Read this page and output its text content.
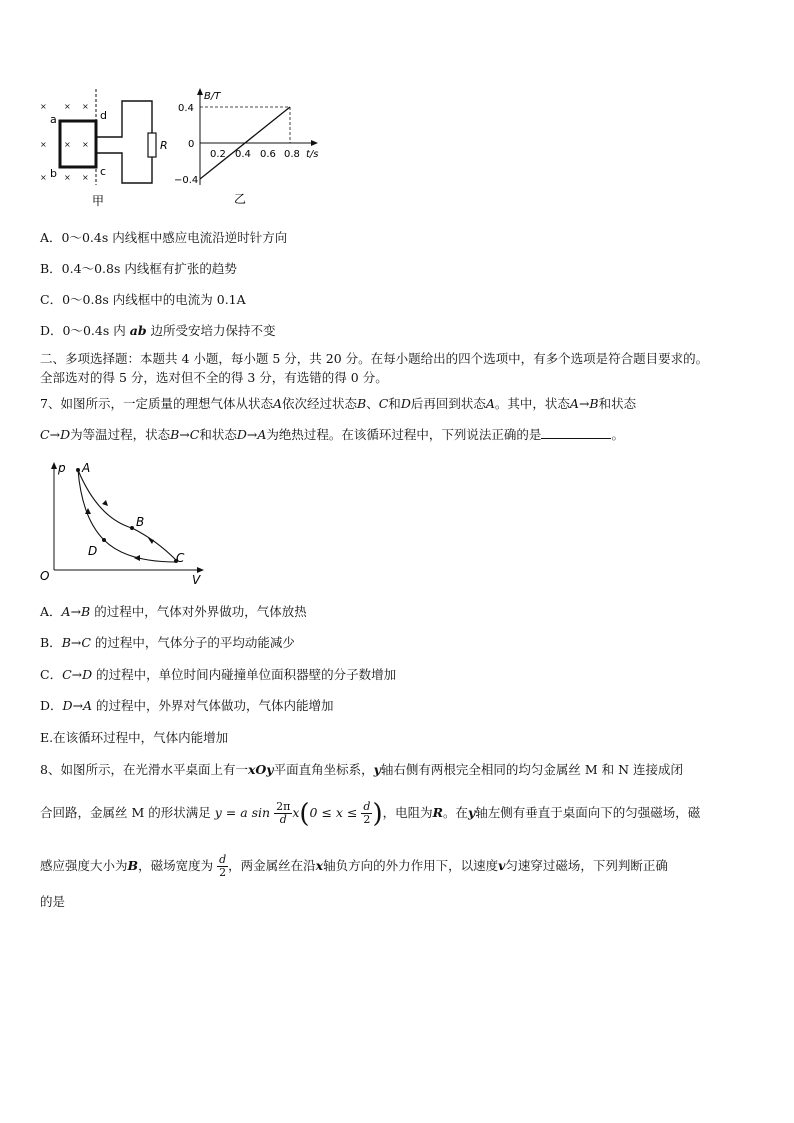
× × ×
× × ×
× × ×
a
b	c
d
R
甲
B/T
t/s
0
0.4
−0.4
0.2 0.4 0.6 0.8
乙
A．0～0.4s 内线框中感应电流沿逆时针方向
B．0.4～0.8s 内线框有扩张的趋势
C．0～0.8s 内线框中的电流为 0.1A
D．0～0.4s 内 ab 边所受安培力保持不变
二、多项选择题：本题共 4 小题，每小题 5 分，共 20 分。在每小题给出的四个选项中，有多个选项是符合题目要求的。
全部选对的得 5 分，选对但不全的得 3 分，有选错的得 0 分。
7、如图所示，一定质量的理想气体从状态A依次经过状态B、C和D后再回到状态A。其中，状态A→B和状态
C→D为等温过程，状态B→C和状态D→A为绝热过程。在该循环过程中，下列说法正确的是	。
p
V
O
A
B
C
D
A．A→B 的过程中，气体对外界做功，气体放热
B．B→C 的过程中，气体分子的平均动能减少
C．C→D 的过程中，单位时间内碰撞单位面积器壁的分子数增加
D．D→A 的过程中，外界对气体做功，气体内能增加
E.在该循环过程中，气体内能增加
8、如图所示，在光滑水平桌面上有一xOy平面直角坐标系，y轴右侧有两根完全相同的均匀金属丝 M 和 N 连接成闭
合回路，金属丝 M 的形状满足 y = a $\sin \frac{2\pi}{d} x(0 \le x \le \frac{d}{2}$ )，电阻为R。在y轴左侧有垂直于桌面向下的匀强磁场，磁
感应强度大小为B，磁场宽度为 $\frac{d}{2}$ ，两金属丝在沿x轴负方向的外力作用下，以速度v匀速穿过磁场，下列判断正确
的是
